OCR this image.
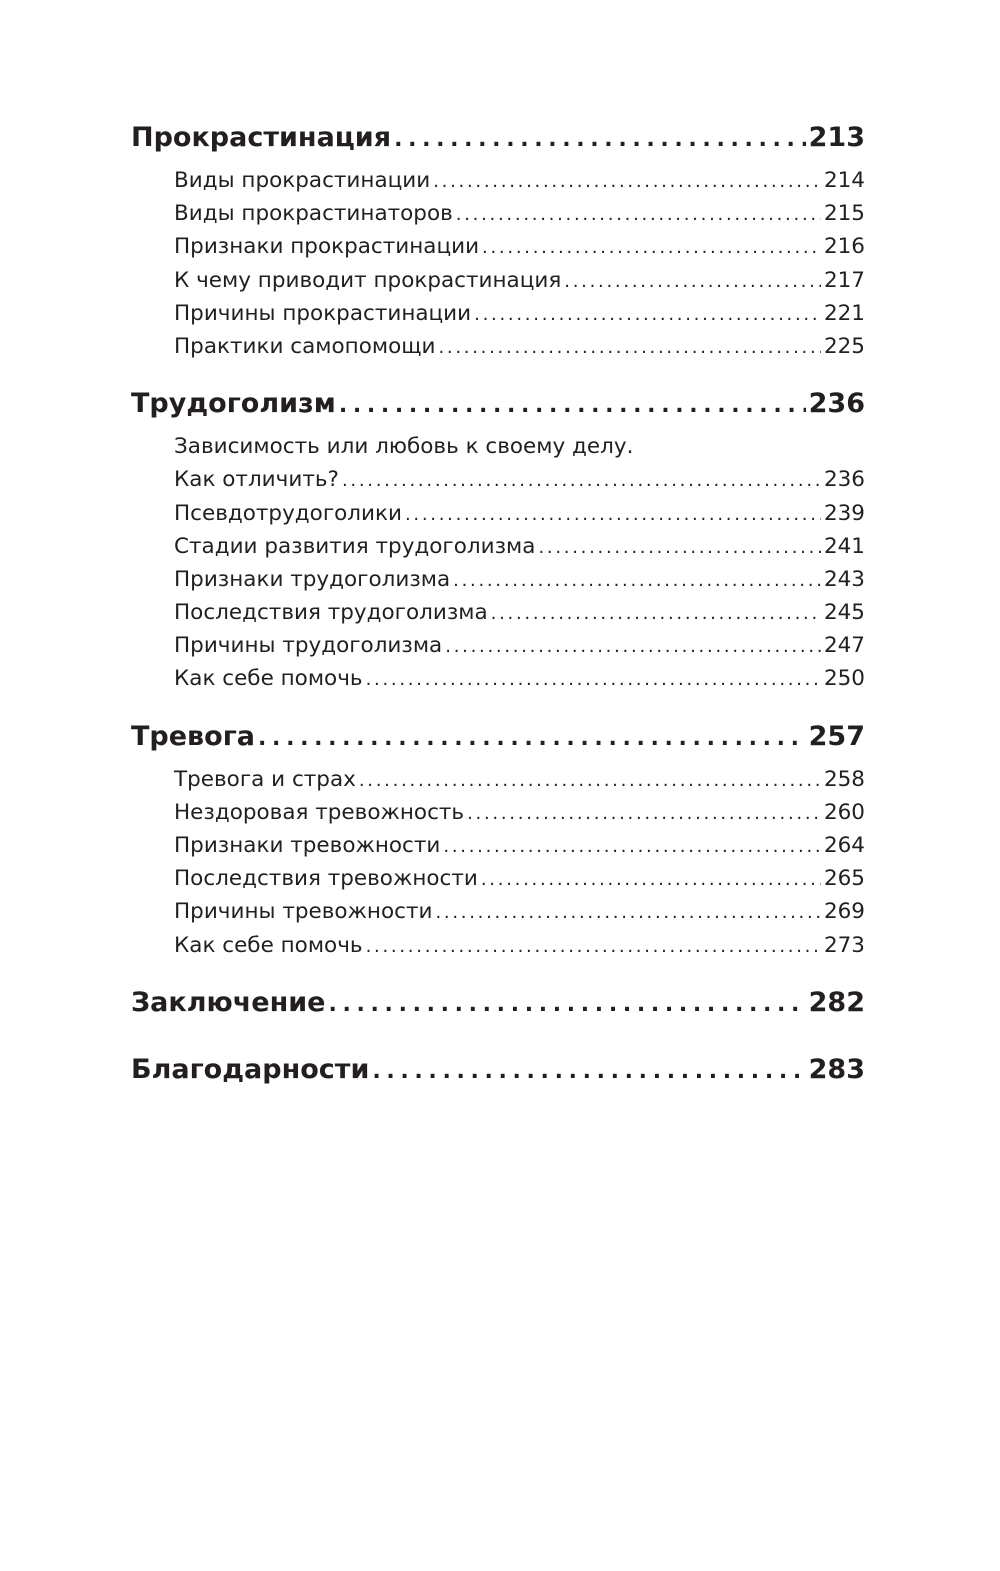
Прокрастинация . . .	213
Виды прокрастинации . . .	214
Виды прокрастинаторов . . .	215
Признаки прокрастинации . . .	216
К чему приводит прокрастинация . . .	217
Причины прокрастинации . . .	221
Практики самопомощи . . .	225
Трудоголизм . . .	236
Зависимость или любовь к своему делу.
Как отличить? . . .	236
Псевдотрудоголики . . .	239
Стадии развития трудоголизма . . .	241
Признаки трудоголизма . . .	243
Последствия трудоголизма . . .	245
Причины трудоголизма . . .	247
Как себе помочь . . .	250
Тревога . . .	257
Тревога и страх . . .	258
Нездоровая тревожность . . .	260
Признаки тревожности . . .	264
Последствия тревожности . . .	265
Причины тревожности . . .	269
Как себе помочь . . .	273
Заключение . . .	282
Благодарности . . .	283
